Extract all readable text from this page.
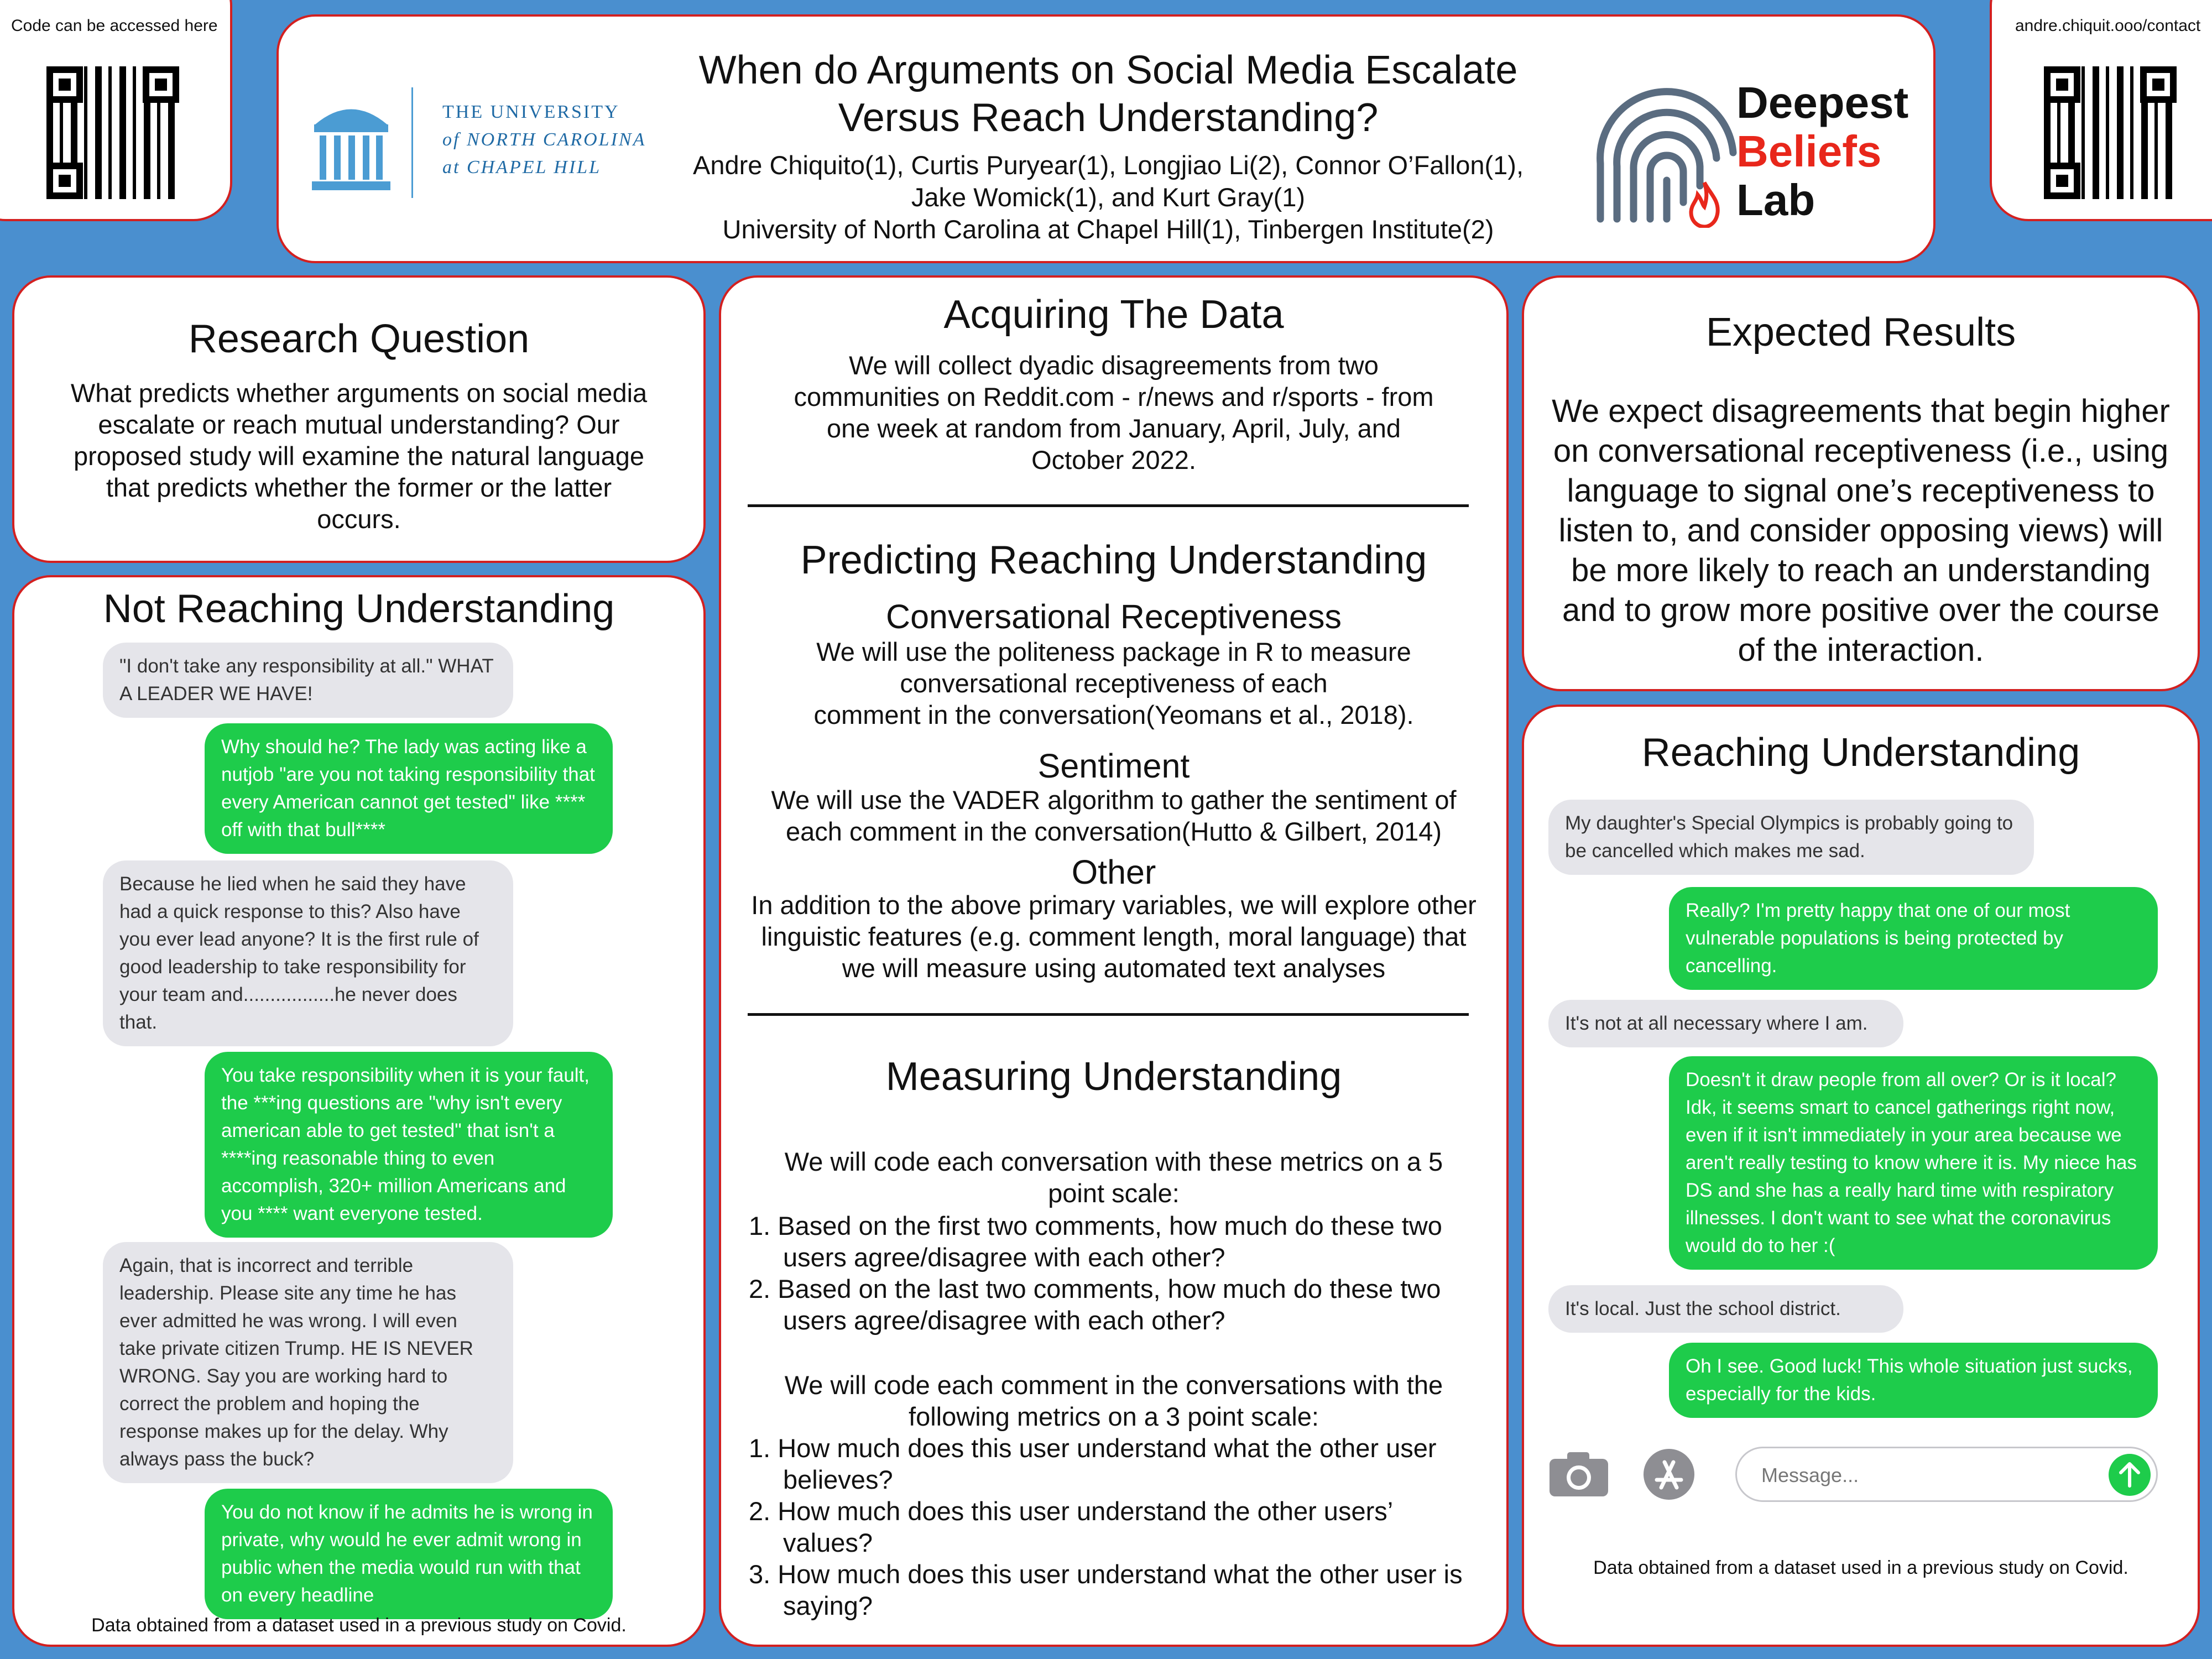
Code can be accessed here	andre.chiquit.ooo/contact
THE UNIVERSITY
of NORTH CAROLINA
at CHAPEL HILL
When do Arguments on Social Media Escalate
Versus Reach Understanding?
Andre Chiquito(1), Curtis Puryear(1), Longjiao Li(2), Connor O’Fallon(1),
Jake Womick(1), and Kurt Gray(1)
University of North Carolina at Chapel Hill(1), Tinbergen Institute(2)
Deepest
Beliefs
Lab
Research Question

What predicts whether arguments on social media escalate or reach mutual understanding? Our proposed study will examine the natural language that predicts whether the former or the latter occurs.

Not Reaching Understanding
"I don't take any responsibility at all." WHAT A LEADER WE HAVE!
Why should he? The lady was acting like a nutjob "are you not taking responsibility that every American cannot get tested" like **** off with that bull****
Because he lied when he said they have had a quick response to this? Also have you ever lead anyone? It is the first rule of good leadership to take responsibility for your team and.................he never does that.
You take responsibility when it is your fault, the ***ing questions are "why isn't every american able to get tested" that isn't a ****ing reasonable thing to even accomplish, 320+ million Americans and you **** want everyone tested.
Again, that is incorrect and terrible leadership. Please site any time he has ever admitted he was wrong. I will even take private citizen Trump. HE IS NEVER WRONG. Say you are working hard to correct the problem and hoping the response makes up for the delay. Why always pass the buck?
You do not know if he admits he is wrong in private, why would he ever admit wrong in public when the media would run with that on every headline
Data obtained from a dataset used in a previous study on Covid.
Acquiring The Data

We will collect dyadic disagreements from two communities on Reddit.com - r/news and r/sports - from one week at random from January, April, July, and October 2022.

Predicting Reaching Understanding
Conversational Receptiveness
We will use the politeness package in R to measure
conversational receptiveness of each
comment in the conversation(Yeomans et al., 2018).
Sentiment
We will use the VADER algorithm to gather the sentiment of
each comment in the conversation(Hutto & Gilbert, 2014)
Other
In addition to the above primary variables, we will explore other
linguistic features (e.g. comment length, moral language) that
we will measure using automated text analyses
Measuring Understanding

We will code each conversation with these metrics on a 5 point scale:

1. Based on the first two comments, how much do these two users agree/disagree with each other?
2. Based on the last two comments, how much do these two users agree/disagree with each other?

We will code each comment in the conversations with the following metrics on a 3 point scale:

1. How much does this user understand what the other user believes?
2. How much does this user understand the other users’ values?
3. How much does this user understand what the other user is saying?
Expected Results

We expect disagreements that begin higher on conversational receptiveness (i.e., using language to signal one’s receptiveness to listen to, and consider opposing views) will be more likely to reach an understanding and to grow more positive over the course of the interaction.

Reaching Understanding
My daughter's Special Olympics is probably going to be cancelled which makes me sad.
Really? I'm pretty happy that one of our most vulnerable populations is being protected by cancelling.
It's not at all necessary where I am.
Doesn't it draw people from all over? Or is it local? Idk, it seems smart to cancel gatherings right now, even if it isn't immediately in your area because we aren't really testing to know where it is. My niece has DS and she has a really hard time with respiratory illnesses. I don't want to see what the coronavirus would do to her :(
It's local. Just the school district.
Oh I see. Good luck! This whole situation just sucks, especially for the kids.
Message...
Data obtained from a dataset used in a previous study on Covid.
